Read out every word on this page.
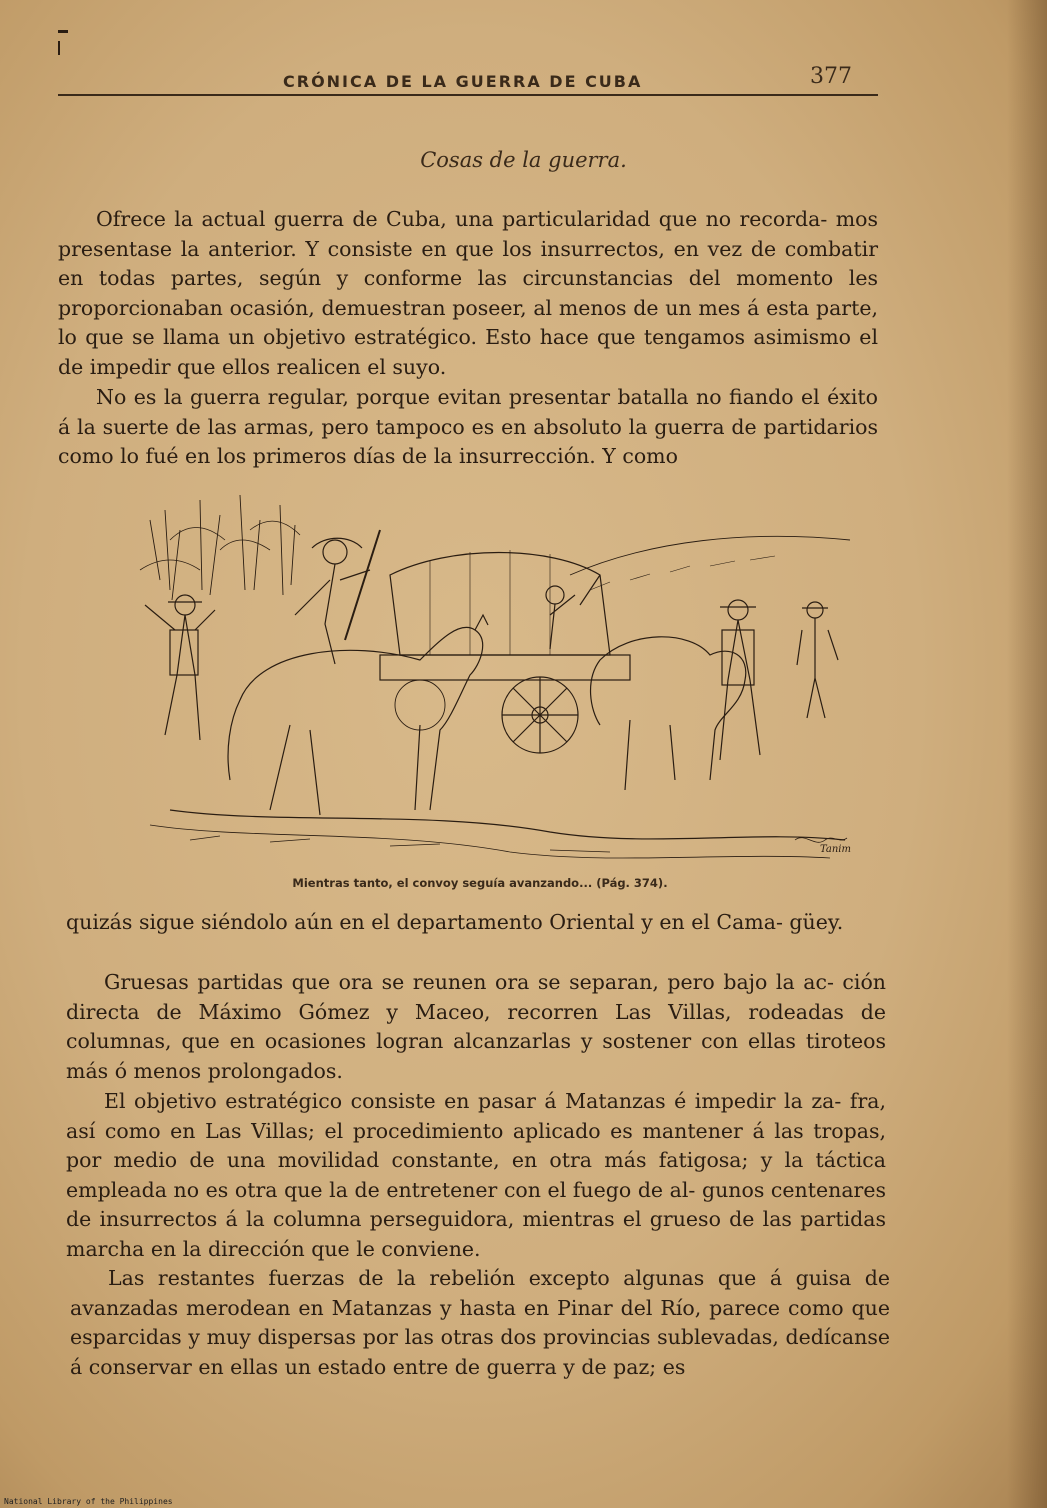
CRÓNICA DE LA GUERRA DE CUBA	377
Cosas de la guerra.

Ofrece la actual guerra de Cuba, una particularidad que no recorda- mos presentase la anterior. Y consiste en que los insurrectos, en vez de combatir en todas partes, según y conforme las circunstancias del momento les proporcionaban ocasión, demuestran poseer, al menos de un mes á esta parte, lo que se llama un objetivo estratégico. Esto hace que tengamos asimismo el de impedir que ellos realicen el suyo.

No es la guerra regular, porque evitan presentar batalla no fiando el éxito á la suerte de las armas, pero tampoco es en absoluto la guerra de partidarios como lo fué en los primeros días de la insurrección. Y como

Tanim
Mientras tanto, el convoy seguía avanzando... (Pág. 374).

quizás sigue siéndolo aún en el departamento Oriental y en el Cama- güey.

Gruesas partidas que ora se reunen ora se separan, pero bajo la ac- ción directa de Máximo Gómez y Maceo, recorren Las Villas, rodeadas de columnas, que en ocasiones logran alcanzarlas y sostener con ellas tiroteos más ó menos prolongados.

El objetivo estratégico consiste en pasar á Matanzas é impedir la za- fra, así como en Las Villas; el procedimiento aplicado es mantener á las tropas, por medio de una movilidad constante, en otra más fatigosa; y la táctica empleada no es otra que la de entretener con el fuego de al- gunos centenares de insurrectos á la columna perseguidora, mientras el grueso de las partidas marcha en la dirección que le conviene.

Las restantes fuerzas de la rebelión excepto algunas que á guisa de avanzadas merodean en Matanzas y hasta en Pinar del Río, parece como que esparcidas y muy dispersas por las otras dos provincias sublevadas, dedícanse á conservar en ellas un estado entre de guerra y de paz; es

National Library of the Philippines
